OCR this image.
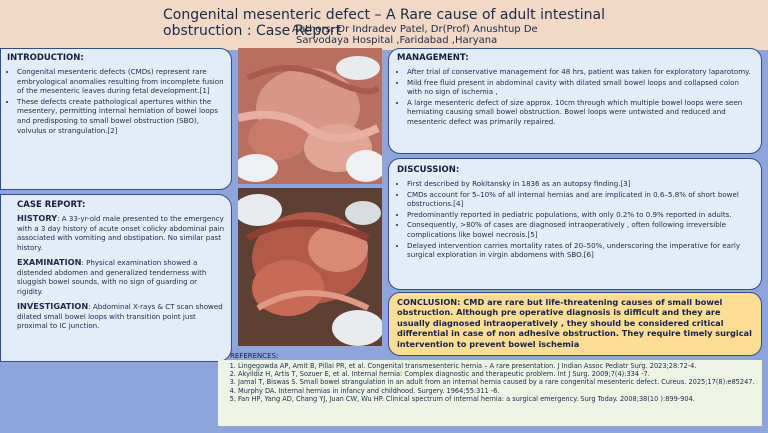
Congenital mesenteric defect – A Rare cause of adult intestinal
obstruction : Case Report
Authors: Dr Indradev Patel, Dr(Prof) Anushtup De
Sarvodaya Hospital ,Faridabad ,Haryana
INTRODUCTION:
• Congenital mesenteric defects (CMDs) represent rare embryological anomalies resulting from incomplete fusion of the mesenteric leaves during fetal development.[1]
• These defects create pathological apertures within the mesentery, permitting internal herniation of bowel loops and predisposing to small bowel obstruction (SBO), volvulus or strangulation.[2]
CASE REPORT:

HISTORY: A 33-yr-old male presented to the emergency with a 3 day history of acute onset colicky abdominal pain associated with vomiting and obstipation. No similar past history.

EXAMINATION: Physical examination showed a distended abdomen and generalized tenderness with sluggish bowel sounds, with no sign of guarding or rigidity.

INVESTIGATION: Abdominal X-rays & CT scan showed dilated small bowel loops with transition point just proximal to IC junction.

MANAGEMENT:
• After trial of conservative management for 48 hrs, patient was taken for exploratory laparotomy.
• Mild free fluid present in abdominal cavity with dilated small bowel loops and collapsed colon with no sign of ischemia ,
• A large mesenteric defect of size approx. 10cm through which multiple bowel loops were seen herniating causing small bowel obstruction. Bowel loops were untwisted and reduced and mesenteric defect was primarily repaired.
DISCUSSION:
• First described by Rokitansky in 1836 as an autopsy finding.[3]
• CMDs account for 5–10% of all internal hernias and are implicated in 0.6–5.8% of short bowel obstructions.[4]
• Predominantly reported in pediatric populations, with only 0.2% to 0.9% reported in adults.
• Consequently, >80% of cases are diagnosed intraoperatively , often following irreversible complications like bowel necrosis.[5]
• Delayed intervention carries mortality rates of 20–50%, underscoring the imperative for early surgical exploration in virgin abdomens with SBO.[6]
CONCLUSION: CMD are rare but life-threatening causes of small bowel obstruction. Although pre operative diagnosis is difficult and they are usually diagnosed intraoperatively , they should be considered critical differential in case of non adhesive obstruction. They require timely surgical intervention to prevent bowel ischemia
REFERENCES:
1. Lingegowda AP, Amit B, Pillai PR, et al. Congenital transmesenteric hernia – A rare presentation. J Indian Assoc Pediatr Surg. 2023;28:72-4.
2. Akyildiz H, Artis T, Sozuer E, et al. Internal hernia: Complex diagnostic and therapeutic problem. Int J Surg. 2009;7(4):334 -7.
3. Jamal T, Biswas S. Small bowel strangulation in an adult from an internal hernia caused by a rare congenital mesenteric defect. Cureus. 2025;17(8):e85247.
4. Murphy DA. Internal hernias in infancy and childhood. Surgery. 1964;55:311 -6.
5. Fan HP, Yang AD, Chang YJ, Juan CW, Wu HP. Clinical spectrum of internal hernia: a surgical emergency. Surg Today. 2008;38(10 ):899-904.
